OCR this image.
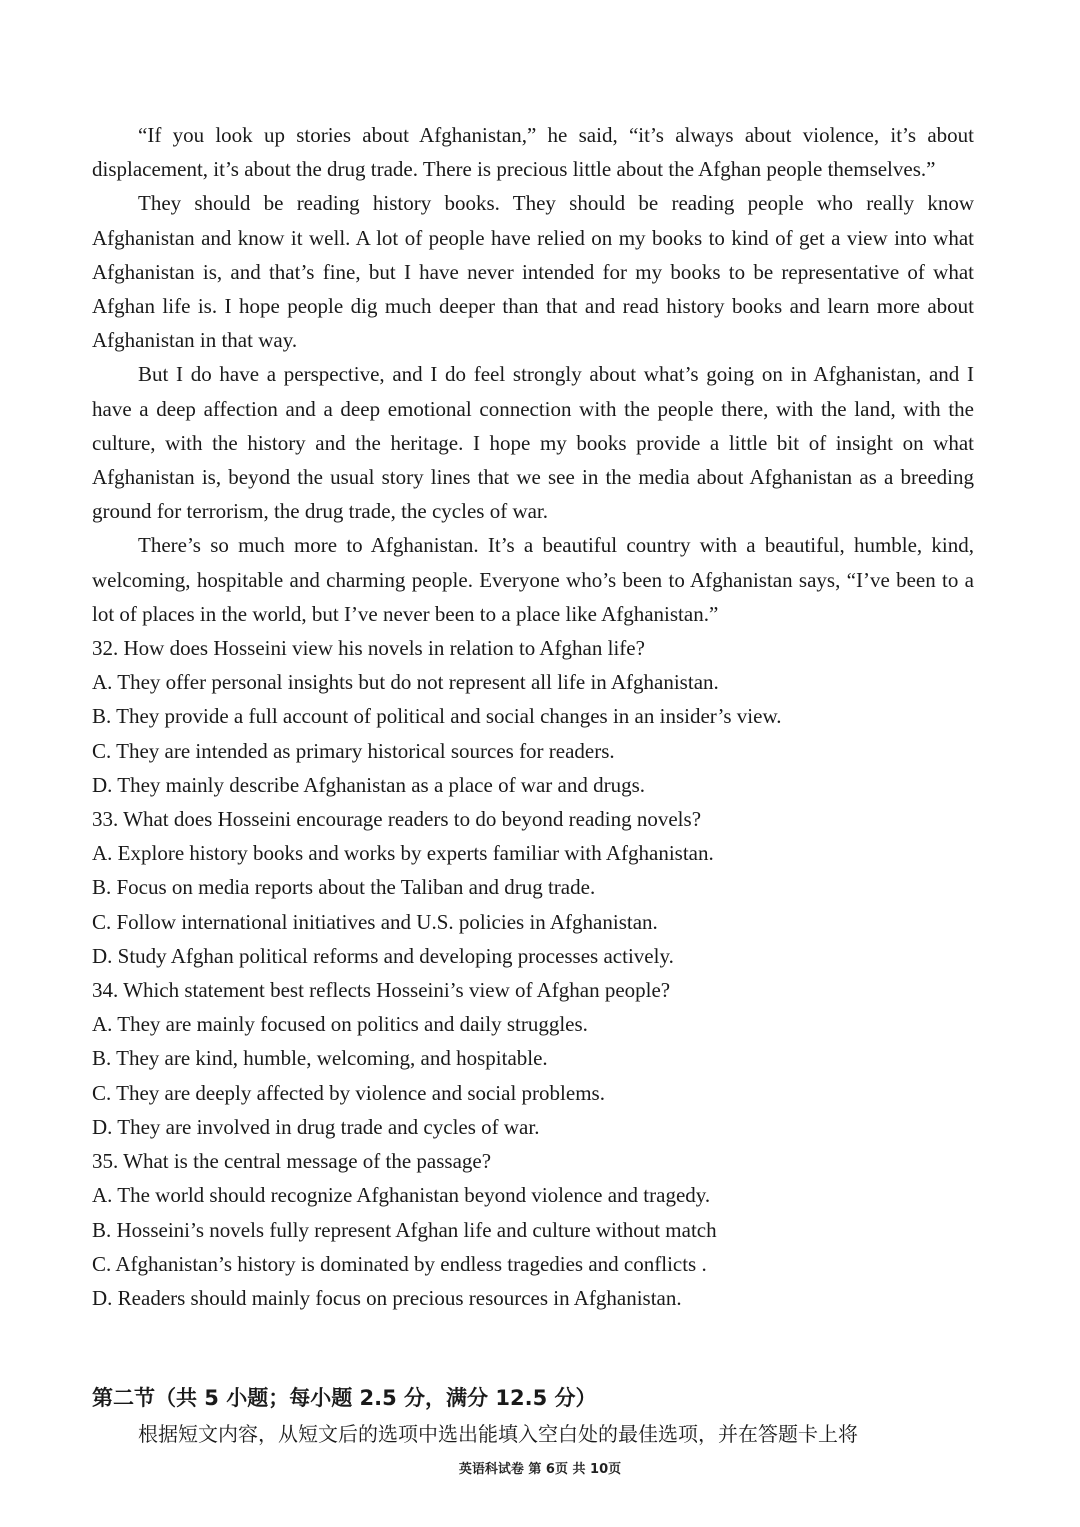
“If you look up stories about Afghanistan,” he said, “it’s always about violence, it’s about displacement, it’s about the drug trade. There is precious little about the Afghan people themselves.”

They should be reading history books. They should be reading people who really know Afghanistan and know it well. A lot of people have relied on my books to kind of get a view into what Afghanistan is, and that’s fine, but I have never intended for my books to be representative of what Afghan life is. I hope people dig much deeper than that and read history books and learn more about Afghanistan in that way.

But I do have a perspective, and I do feel strongly about what’s going on in Afghanistan, and I have a deep affection and a deep emotional connection with the people there, with the land, with the culture, with the history and the heritage. I hope my books provide a little bit of insight on what Afghanistan is, beyond the usual story lines that we see in the media about Afghanistan as a breeding ground for terrorism, the drug trade, the cycles of war.

There’s so much more to Afghanistan. It’s a beautiful country with a beautiful, humble, kind, welcoming, hospitable and charming people. Everyone who’s been to Afghanistan says, “I’ve been to a lot of places in the world, but I’ve never been to a place like Afghanistan.”

32. How does Hosseini view his novels in relation to Afghan life?

A. They offer personal insights but do not represent all life in Afghanistan.

B. They provide a full account of political and social changes in an insider’s view.

C. They are intended as primary historical sources for readers.

D. They mainly describe Afghanistan as a place of war and drugs.

33. What does Hosseini encourage readers to do beyond reading novels?

A. Explore history books and works by experts familiar with Afghanistan.

B. Focus on media reports about the Taliban and drug trade.

C. Follow international initiatives and U.S. policies in Afghanistan.

D. Study Afghan political reforms and developing processes actively.

34. Which statement best reflects Hosseini’s view of Afghan people?

A. They are mainly focused on politics and daily struggles.

B. They are kind, humble, welcoming, and hospitable.

C. They are deeply affected by violence and social problems.

D. They are involved in drug trade and cycles of war.

35. What is the central message of the passage?

A. The world should recognize Afghanistan beyond violence and tragedy.

B. Hosseini’s novels fully represent Afghan life and culture without match

C. Afghanistan’s history is dominated by endless tragedies and conflicts .

D. Readers should mainly focus on precious resources in Afghanistan.

第二节（共 5 小题；每小题 2.5 分，满分 12.5 分）

根据短文内容，从短文后的选项中选出能填入空白处的最佳选项，并在答题卡上将

英语科试卷 第 6页 共 10页
